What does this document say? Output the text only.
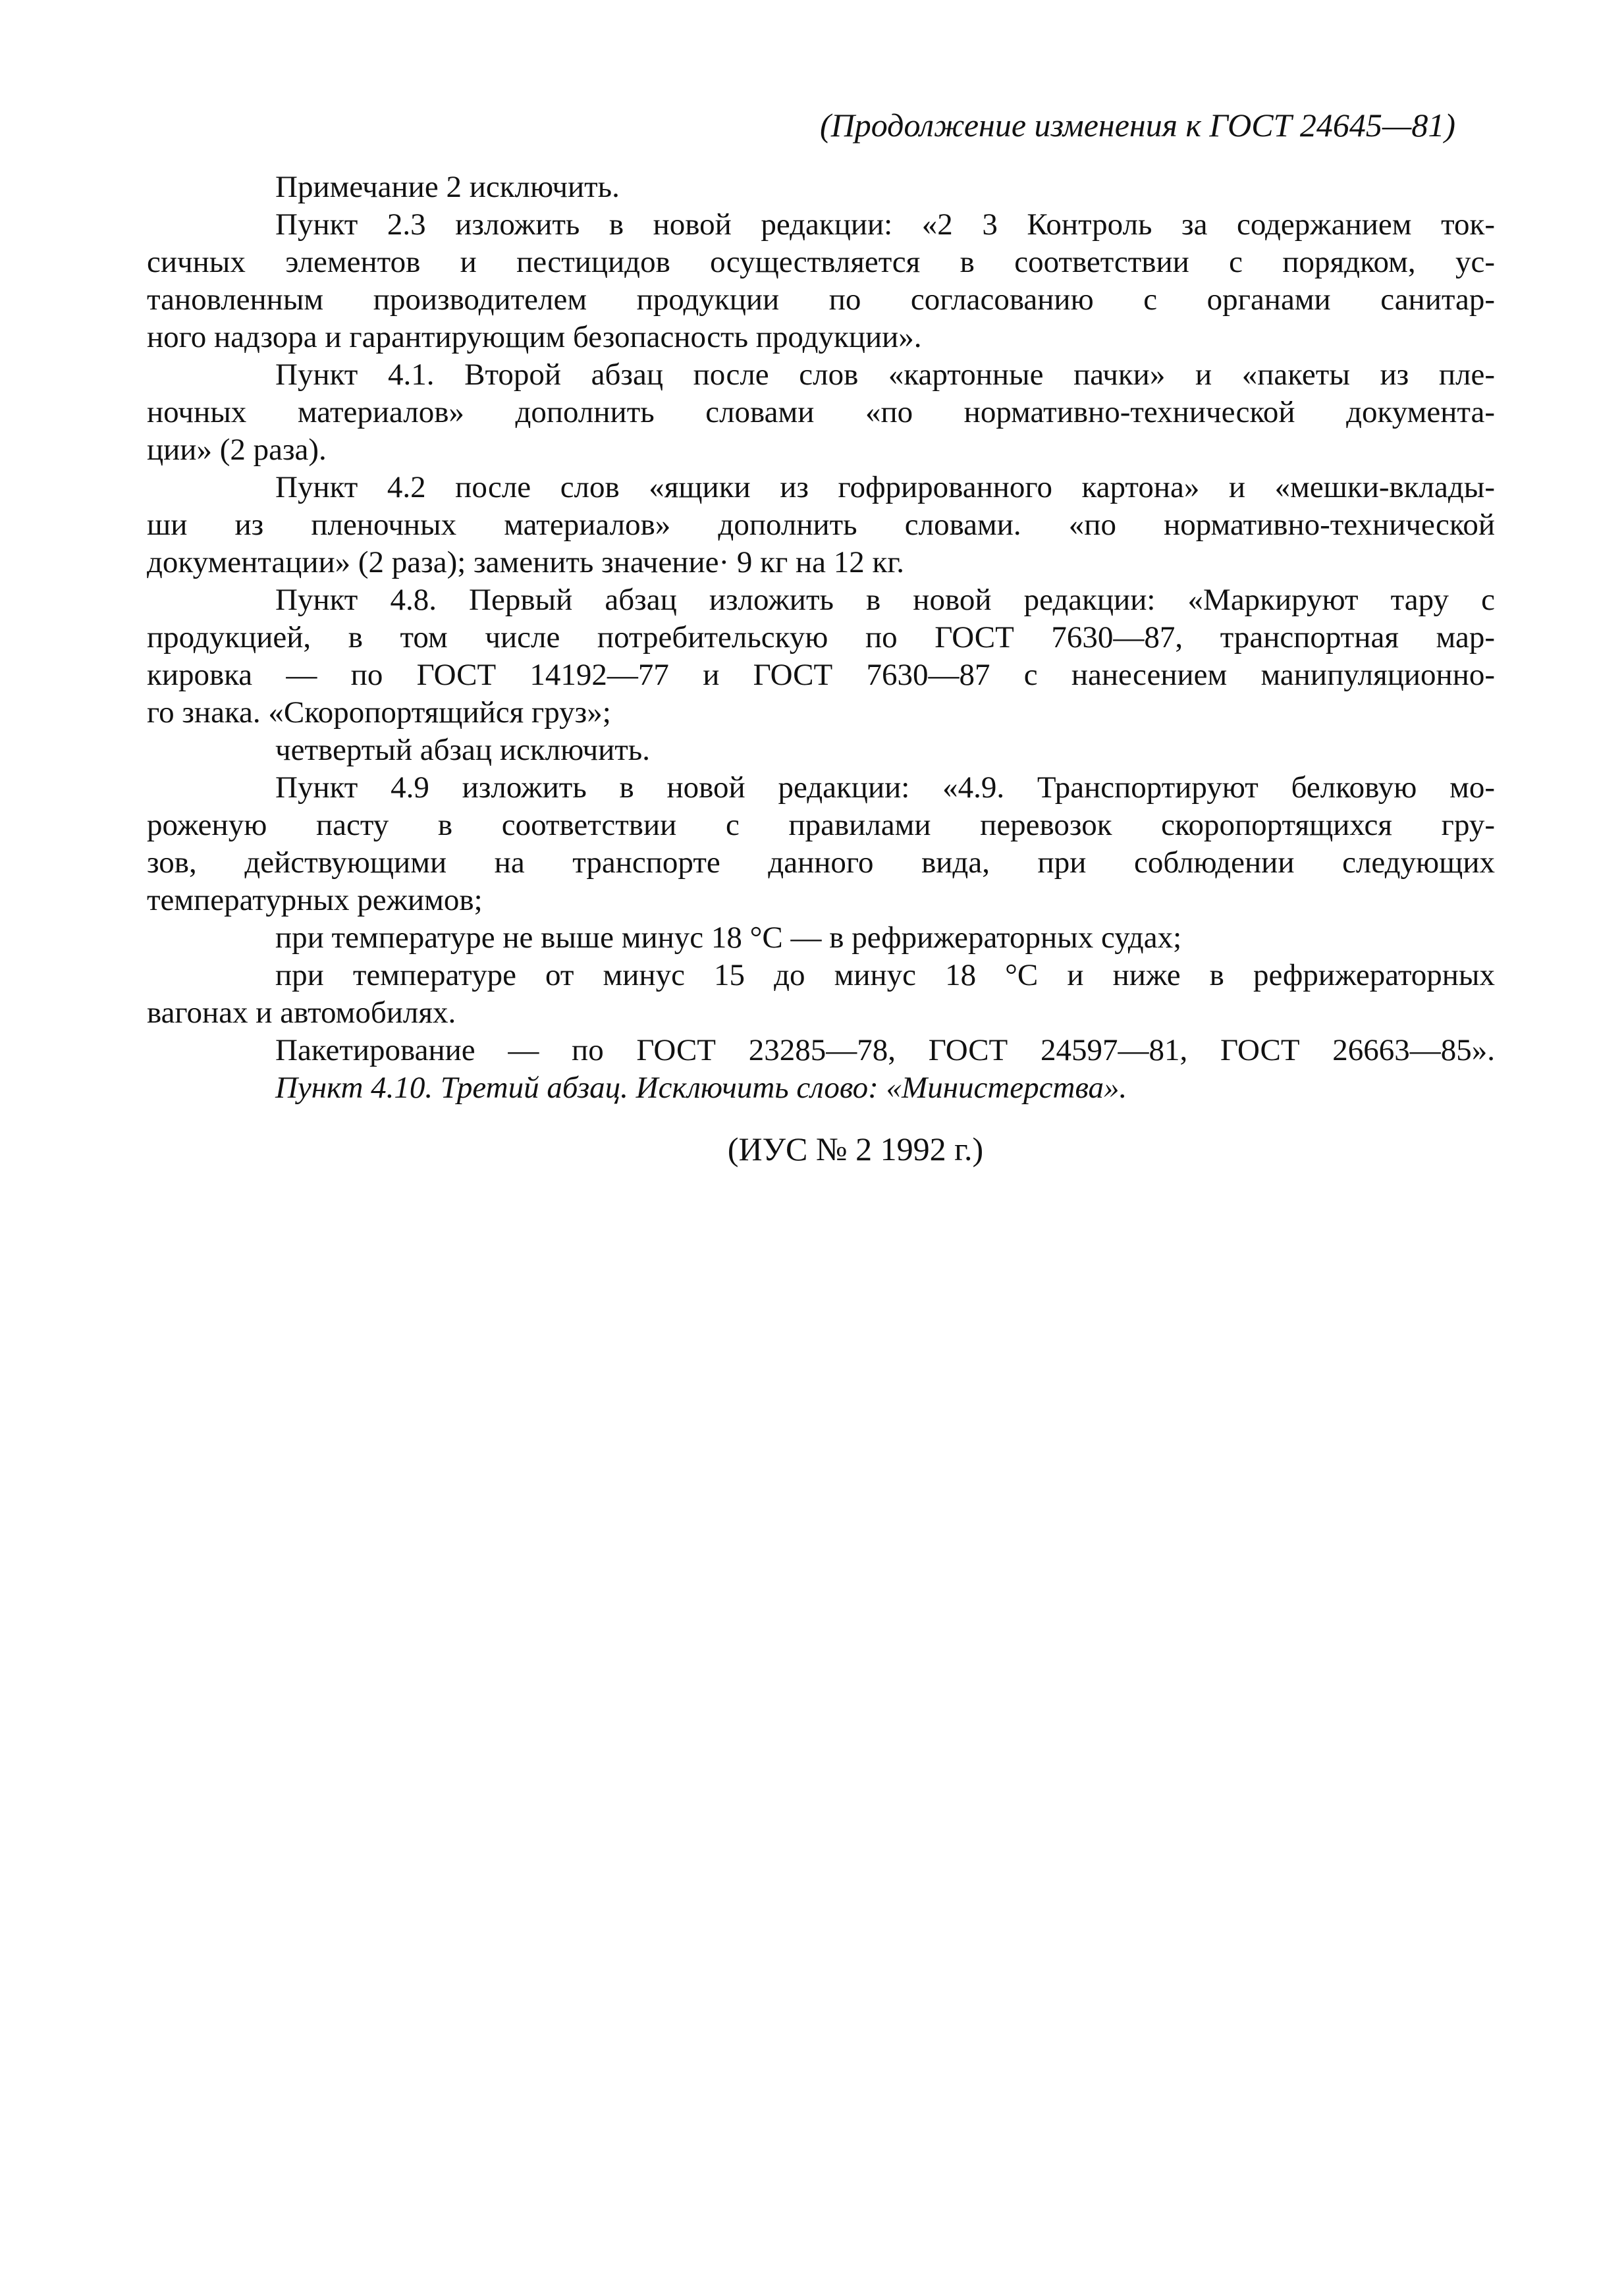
(Продолжение изменения к ГОСТ 24645—81)

Примечание 2 исключить.

Пункт 2.3 изложить в новой редакции: «2 3 Контроль за содержанием ток-
сичных элементов и пестицидов осуществляется в соответствии с порядком, ус-
тановленным производителем продукции по согласованию с органами санитар-
ного надзора и гарантирующим безопасность продукции».

Пункт 4.1. Второй абзац после слов «картонные пачки» и «пакеты из пле-
ночных материалов» дополнить словами «по нормативно-технической документа-
ции» (2 раза).

Пункт 4.2 после слов «ящики из гофрированного картона» и «мешки-вклады-
ши из пленочных материалов» дополнить словами. «по нормативно-технической
документации» (2 раза); заменить значение· 9 кг на 12 кг.

Пункт 4.8. Первый абзац изложить в новой редакции: «Маркируют тару с
продукцией, в том числе потребительскую по ГОСТ 7630—87, транспортная мар-
кировка — по ГОСТ 14192—77 и ГОСТ 7630—87 с нанесением манипуляционно-
го знака. «Скоропортящийся груз»;

четвертый абзац исключить.

Пункт 4.9 изложить в новой редакции: «4.9. Транспортируют белковую мо-
роженую пасту в соответствии с правилами перевозок скоропортящихся гру-
зов, действующими на транспорте данного вида, при соблюдении следующих
температурных режимов;

при температуре не выше минус 18 °С — в рефрижераторных судах;

при температуре от минус 15 до минус 18 °С и ниже в рефрижераторных
вагонах и автомобилях.

Пакетирование — по ГОСТ 23285—78, ГОСТ 24597—81, ГОСТ 26663—85».

Пункт 4.10. Третий абзац. Исключить слово: «Министерства».

(ИУС № 2 1992 г.)
